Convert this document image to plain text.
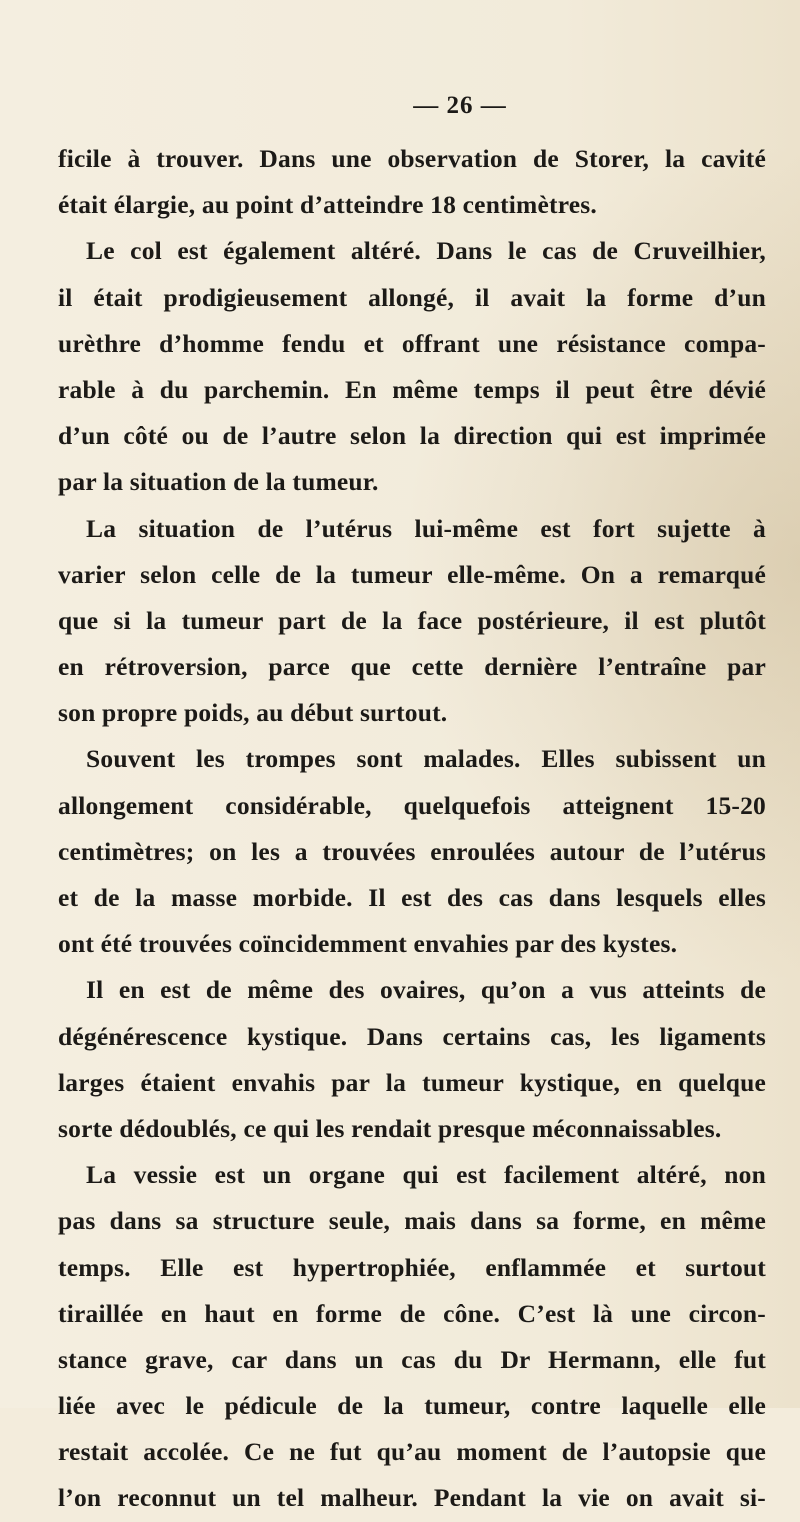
— 26 —
ficile à trouver. Dans une observation de Storer, la cavité
était élargie, au point d’atteindre 18 centimètres.
Le col est également altéré. Dans le cas de Cruveilhier,
il était prodigieusement allongé, il avait la forme d’un
urèthre d’homme fendu et offrant une résistance compa-
rable à du parchemin. En même temps il peut être dévié
d’un côté ou de l’autre selon la direction qui est imprimée
par la situation de la tumeur.
La situation de l’utérus lui-même est fort sujette à
varier selon celle de la tumeur elle-même. On a remarqué
que si la tumeur part de la face postérieure, il est plutôt
en rétroversion, parce que cette dernière l’entraîne par
son propre poids, au début surtout.
Souvent les trompes sont malades. Elles subissent un
allongement considérable, quelquefois atteignent 15-20
centimètres; on les a trouvées enroulées autour de l’utérus
et de la masse morbide. Il est des cas dans lesquels elles
ont été trouvées coïncidemment envahies par des kystes.
Il en est de même des ovaires, qu’on a vus atteints de
dégénérescence kystique. Dans certains cas, les ligaments
larges étaient envahis par la tumeur kystique, en quelque
sorte dédoublés, ce qui les rendait presque méconnaissables.
La vessie est un organe qui est facilement altéré, non
pas dans sa structure seule, mais dans sa forme, en même
temps. Elle est hypertrophiée, enflammée et surtout
tiraillée en haut en forme de cône. C’est là une circon-
stance grave, car dans un cas du Dr Hermann, elle fut
liée avec le pédicule de la tumeur, contre laquelle elle
restait accolée. Ce ne fut qu’au moment de l’autopsie que
l’on reconnut un tel malheur. Pendant la vie on avait si-
